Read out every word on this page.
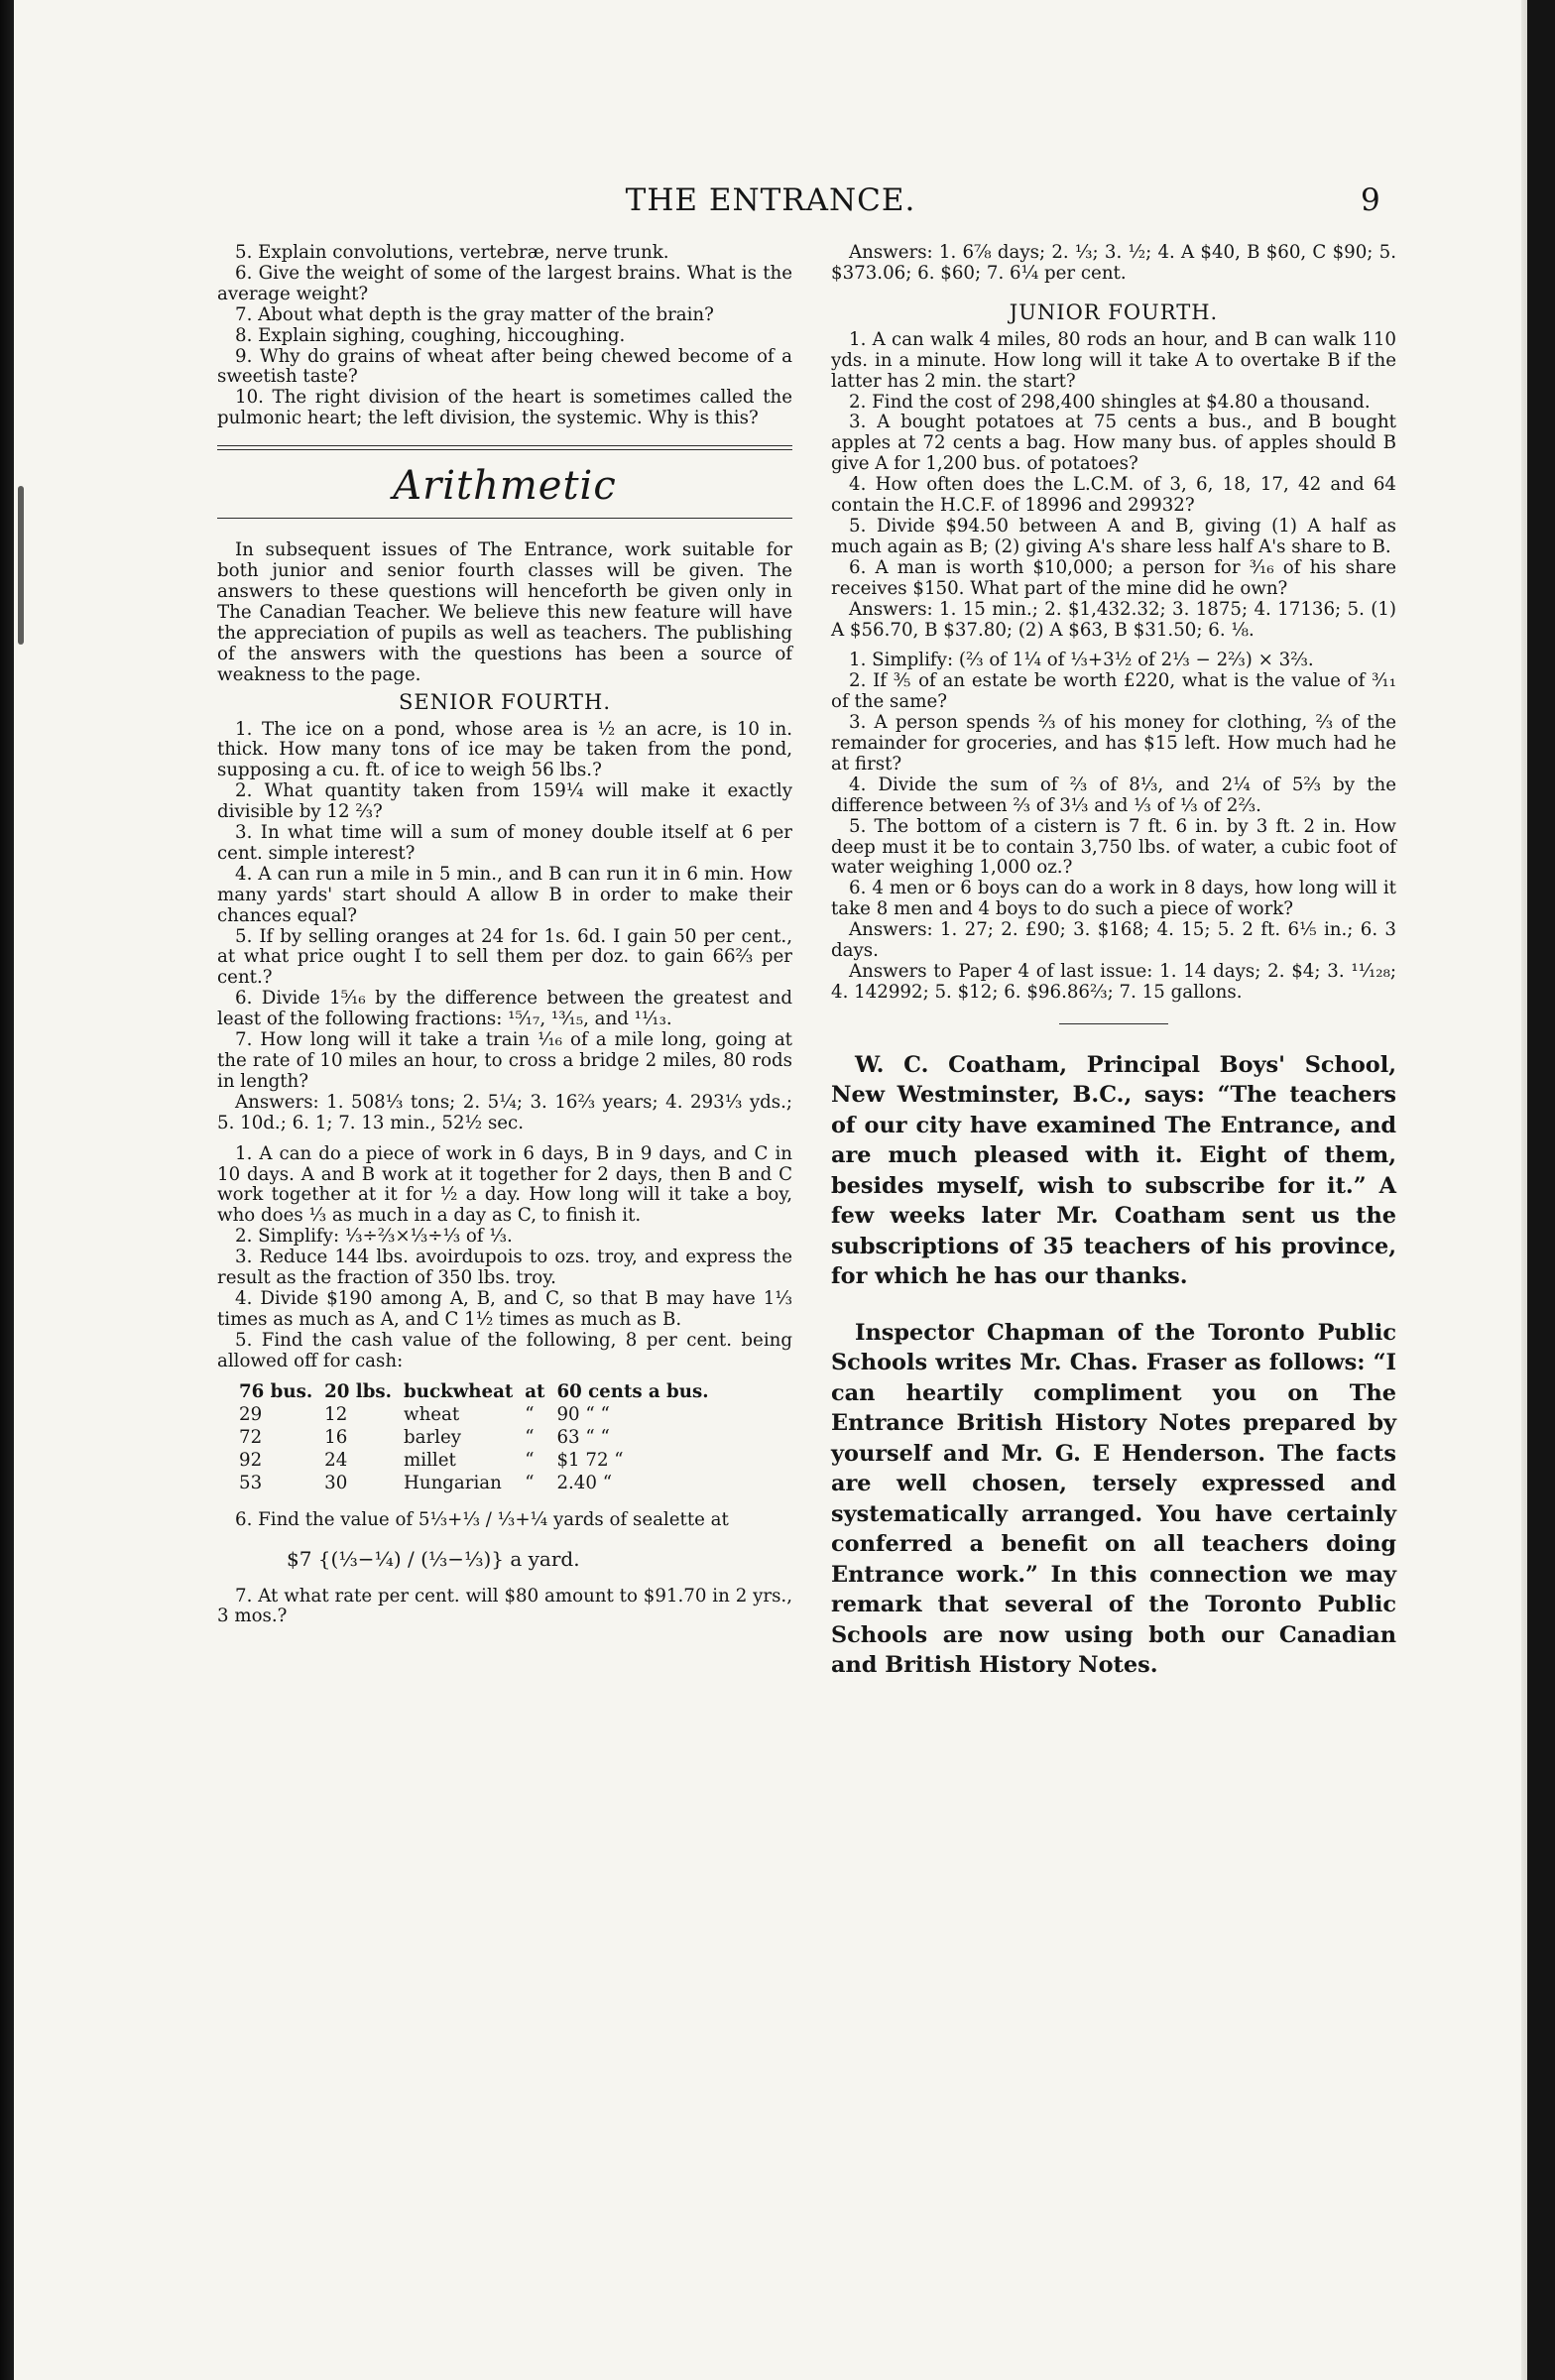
THE ENTRANCE.	9

5. Explain convolutions, vertebræ, nerve trunk.

6. Give the weight of some of the largest brains. What is the average weight?

7. About what depth is the gray matter of the brain?

8. Explain sighing, coughing, hiccoughing.

9. Why do grains of wheat after being chewed become of a sweetish taste?

10. The right division of the heart is sometimes called the pulmonic heart; the left division, the systemic. Why is this?

Arithmetic

In subsequent issues of The Entrance, work suitable for both junior and senior fourth classes will be given. The answers to these questions will henceforth be given only in The Canadian Teacher. We believe this new feature will have the appreciation of pupils as well as teachers. The publishing of the answers with the questions has been a source of weakness to the page.

SENIOR FOURTH.

1. The ice on a pond, whose area is ½ an acre, is 10 in. thick. How many tons of ice may be taken from the pond, supposing a cu. ft. of ice to weigh 56 lbs.?

2. What quantity taken from 159¼ will make it exactly divisible by 12 ⅔?

3. In what time will a sum of money double itself at 6 per cent. simple interest?

4. A can run a mile in 5 min., and B can run it in 6 min. How many yards' start should A allow B in order to make their chances equal?

5. If by selling oranges at 24 for 1s. 6d. I gain 50 per cent., at what price ought I to sell them per doz. to gain 66⅔ per cent.?

6. Divide 1⁵⁄₁₆ by the difference between the greatest and least of the following fractions: ¹⁵⁄₁₇, ¹³⁄₁₅, and ¹¹⁄₁₃.

7. How long will it take a train ¹⁄₁₆ of a mile long, going at the rate of 10 miles an hour, to cross a bridge 2 miles, 80 rods in length?

Answers: 1. 508⅓ tons; 2. 5¼; 3. 16⅔ years; 4. 293⅓ yds.; 5. 10d.; 6. 1; 7. 13 min., 52½ sec.

1. A can do a piece of work in 6 days, B in 9 days, and C in 10 days. A and B work at it together for 2 days, then B and C work together at it for ½ a day. How long will it take a boy, who does ⅓ as much in a day as C, to finish it.

2. Simplify: ⅓÷⅔×⅓÷⅓ of ⅓.

3. Reduce 144 lbs. avoirdupois to ozs. troy, and express the result as the fraction of 350 lbs. troy.

4. Divide $190 among A, B, and C, so that B may have 1⅓ times as much as A, and C 1½ times as much as B.

5. Find the cash value of the following, 8 per cent. being allowed off for cash:

76 bus.	20 lbs.	buckwheat	at	60 cents a bus.
29	12	wheat	“	90 “ “
72	16	barley	“	63 “ “
92	24	millet	“	$1 72 “
53	30	Hungarian	“	2.40 “

6. Find the value of 5⅓+⅓ / ⅓+¼ yards of sealette at

$7 {(⅓−¼) / (⅓−⅓)} a yard.

7. At what rate per cent. will $80 amount to $91.70 in 2 yrs., 3 mos.?

Answers: 1. 6⅞ days; 2. ⅓; 3. ½; 4. A $40, B $60, C $90; 5. $373.06; 6. $60; 7. 6¼ per cent.

JUNIOR FOURTH.

1. A can walk 4 miles, 80 rods an hour, and B can walk 110 yds. in a minute. How long will it take A to overtake B if the latter has 2 min. the start?

2. Find the cost of 298,400 shingles at $4.80 a thousand.

3. A bought potatoes at 75 cents a bus., and B bought apples at 72 cents a bag. How many bus. of apples should B give A for 1,200 bus. of potatoes?

4. How often does the L.C.M. of 3, 6, 18, 17, 42 and 64 contain the H.C.F. of 18996 and 29932?

5. Divide $94.50 between A and B, giving (1) A half as much again as B; (2) giving A's share less half A's share to B.

6. A man is worth $10,000; a person for ³⁄₁₆ of his share receives $150. What part of the mine did he own?

Answers: 1. 15 min.; 2. $1,432.32; 3. 1875; 4. 17136; 5. (1) A $56.70, B $37.80; (2) A $63, B $31.50; 6. ⅛.

1. Simplify: (⅔ of 1¼ of ⅓+3½ of 2⅓ − 2⅔) × 3⅔.

2. If ⅗ of an estate be worth £220, what is the value of ³⁄₁₁ of the same?

3. A person spends ⅔ of his money for clothing, ⅔ of the remainder for groceries, and has $15 left. How much had he at first?

4. Divide the sum of ⅔ of 8⅓, and 2¼ of 5⅔ by the difference between ⅔ of 3⅓ and ⅓ of ⅓ of 2⅔.

5. The bottom of a cistern is 7 ft. 6 in. by 3 ft. 2 in. How deep must it be to contain 3,750 lbs. of water, a cubic foot of water weighing 1,000 oz.?

6. 4 men or 6 boys can do a work in 8 days, how long will it take 8 men and 4 boys to do such a piece of work?

Answers: 1. 27; 2. £90; 3. $168; 4. 15; 5. 2 ft. 6¹⁄₅ in.; 6. 3 days.

Answers to Paper 4 of last issue: 1. 14 days; 2. $4; 3. ¹¹⁄₁₂₈; 4. 142992; 5. $12; 6. $96.86⅔; 7. 15 gallons.

W. C. Coatham, Principal Boys' School, New Westminster, B.C., says: “The teachers of our city have examined The Entrance, and are much pleased with it. Eight of them, besides myself, wish to subscribe for it.” A few weeks later Mr. Coatham sent us the subscriptions of 35 teachers of his province, for which he has our thanks.

Inspector Chapman of the Toronto Public Schools writes Mr. Chas. Fraser as follows: “I can heartily compliment you on The Entrance British History Notes prepared by yourself and Mr. G. E Henderson. The facts are well chosen, tersely expressed and systematically arranged. You have certainly conferred a benefit on all teachers doing Entrance work.” In this connection we may remark that several of the Toronto Public Schools are now using both our Canadian and British History Notes.
